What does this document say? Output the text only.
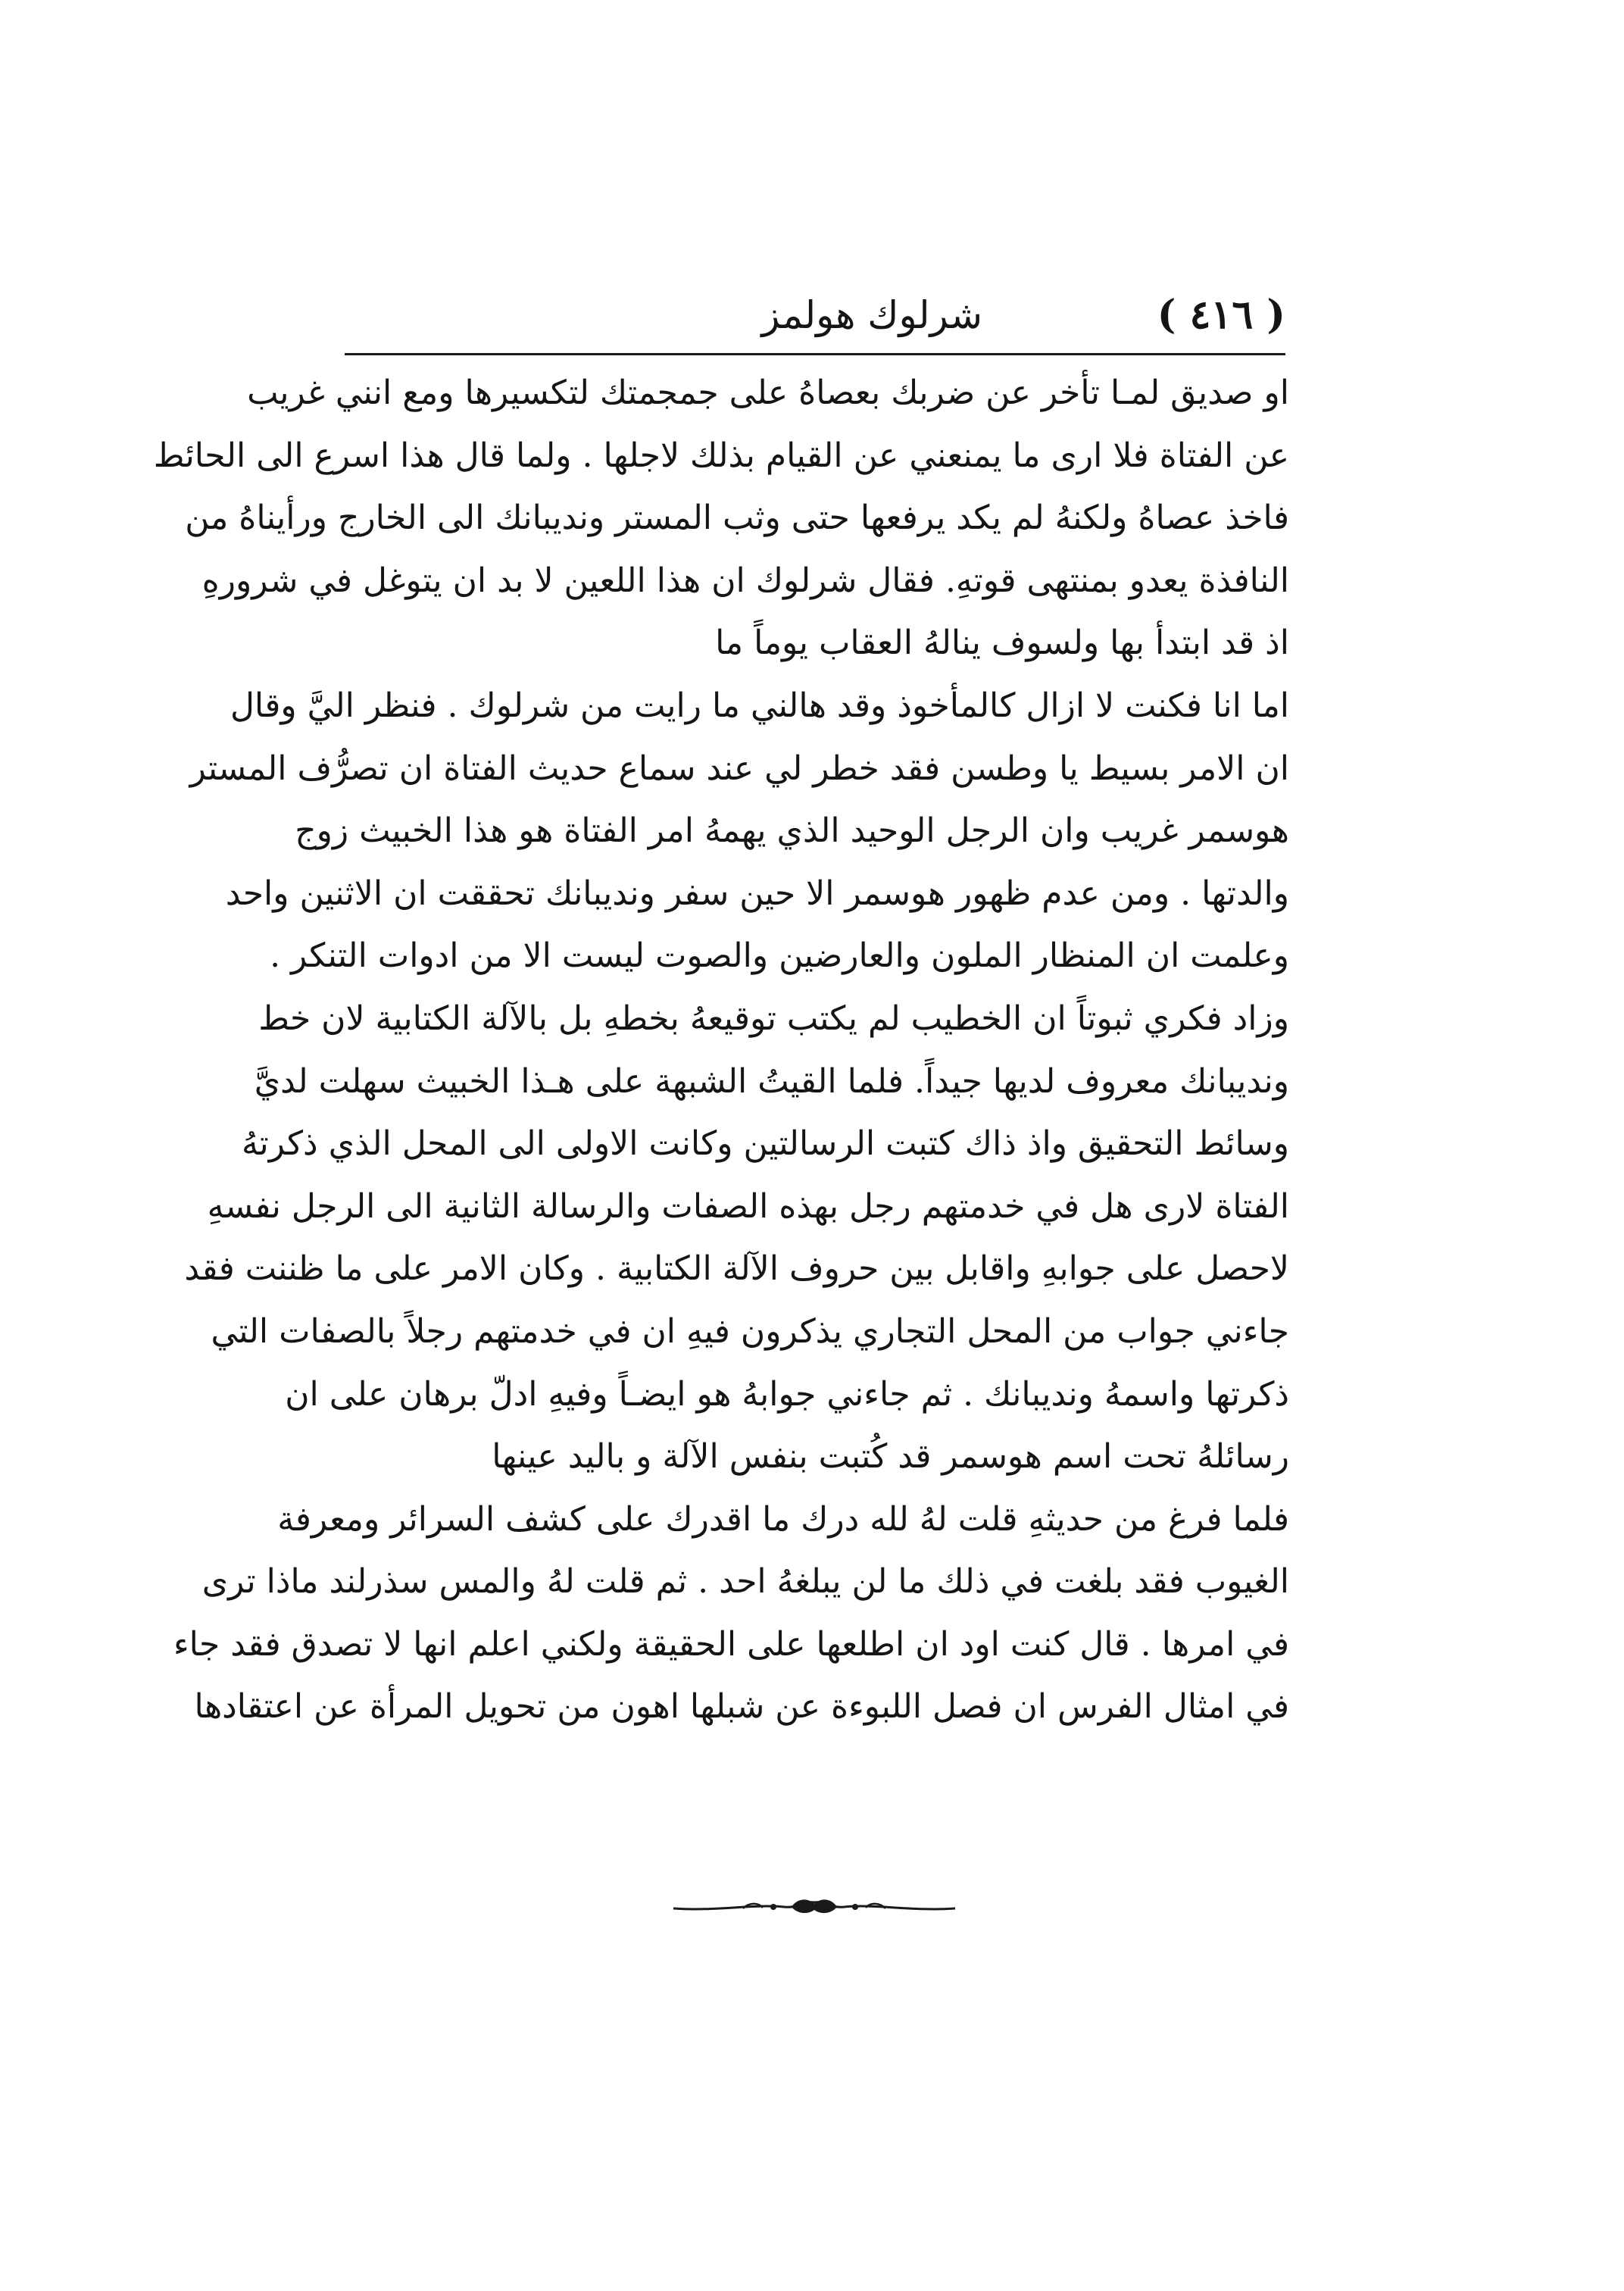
( ٤١٦ )
شرلوك هولمز
او صديق لمـا تأخر عن ضربك بعصاهُ على جمجمتك لتكسيرها ومع انني غريب
عن الفتاة فلا ارى ما يمنعني عن القيام بذلك لاجلها . ولما قال هذا اسرع الى الحائط
فاخذ عصاهُ ولكنهُ لم يكد يرفعها حتى وثب المستر ونديبانك الى الخارج ورأيناهُ من
النافذة يعدو بمنتهى قوتهِ. فقال شرلوك ان هذا اللعين لا بد ان يتوغل في شرورهِ
اذ قد ابتدأ بها ولسوف ينالهُ العقاب يوماً ما
اما انا فكنت لا ازال كالمأخوذ وقد هالني ما رايت من شرلوك . فنظر اليَّ وقال
ان الامر بسيط يا وطسن فقد خطر لي عند سماع حديث الفتاة ان تصرُّف المستر
هوسمر غريب وان الرجل الوحيد الذي يهمهُ امر الفتاة هو هذا الخبيث زوج
والدتها . ومن عدم ظهور هوسمر الا حين سفر ونديبانك تحققت ان الاثنين واحد
وعلمت ان المنظار الملون والعارضين والصوت ليست الا من ادوات التنكر .
وزاد فكري ثبوتاً ان الخطيب لم يكتب توقيعهُ بخطهِ بل بالآلة الكتابية لان خط
ونديبانك معروف لديها جيداً. فلما القيتُ الشبهة على هـذا الخبيث سهلت لديَّ
وسائط التحقيق واذ ذاك كتبت الرسالتين وكانت الاولى الى المحل الذي ذكرتهُ
الفتاة لارى هل في خدمتهم رجل بهذه الصفات والرسالة الثانية الى الرجل نفسهِ
لاحصل على جوابهِ واقابل بين حروف الآلة الكتابية . وكان الامر على ما ظننت فقد
جاءني جواب من المحل التجاري يذكرون فيهِ ان في خدمتهم رجلاً بالصفات التي
ذكرتها واسمهُ ونديبانك . ثم جاءني جوابهُ هو ايضـاً وفيهِ ادلّ برهان على ان
رسائلهُ تحت اسم هوسمر قد كُتبت بنفس الآلة و باليد عينها
فلما فرغ من حديثهِ قلت لهُ لله درك ما اقدرك على كشف السرائر ومعرفة
الغيوب فقد بلغت في ذلك ما لن يبلغهُ احد . ثم قلت لهُ والمس سذرلند ماذا ترى
في امرها . قال كنت اود ان اطلعها على الحقيقة ولكني اعلم انها لا تصدق فقد جاء
في امثال الفرس ان فصل اللبوءة عن شبلها اهون من تحويل المرأة عن اعتقادها
